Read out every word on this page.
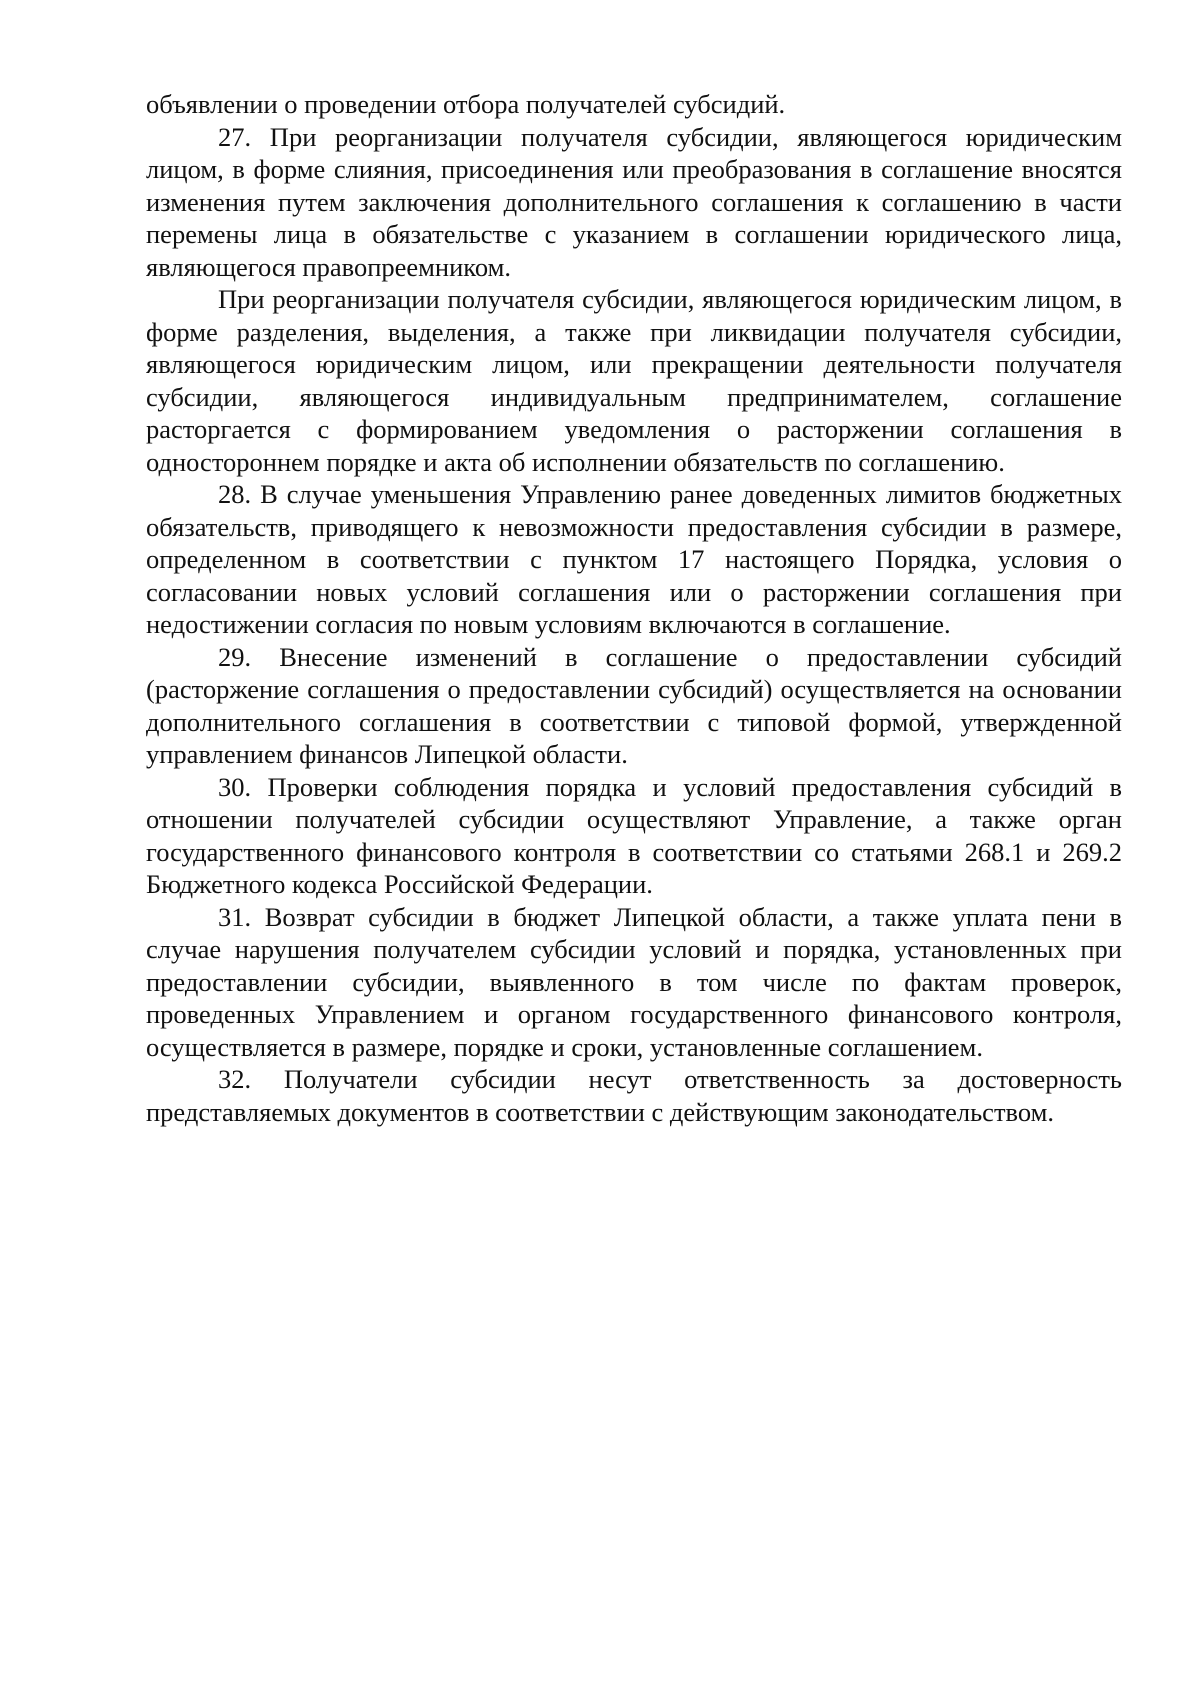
объявлении о проведении отбора получателей субсидий.

27. При реорганизации получателя субсидии, являющегося юридическим лицом, в форме слияния, присоединения или преобразования в соглашение вносятся изменения путем заключения дополнительного соглашения к соглашению в части перемены лица в обязательстве с указанием в соглашении юридического лица, являющегося правопреемником.

При реорганизации получателя субсидии, являющегося юридическим лицом, в форме разделения, выделения, а также при ликвидации получателя субсидии, являющегося юридическим лицом, или прекращении деятельности получателя субсидии, являющегося индивидуальным предпринимателем, соглашение расторгается с формированием уведомления о расторжении соглашения в одностороннем порядке и акта об исполнении обязательств по соглашению.

28. В случае уменьшения Управлению ранее доведенных лимитов бюджетных обязательств, приводящего к невозможности предоставления субсидии в размере, определенном в соответствии с пунктом 17 настоящего Порядка, условия о согласовании новых условий соглашения или о расторжении соглашения при недостижении согласия по новым условиям включаются в соглашение.

29. Внесение изменений в соглашение о предоставлении субсидий (расторжение соглашения о предоставлении субсидий) осуществляется на основании дополнительного соглашения в соответствии с типовой формой, утвержденной управлением финансов Липецкой области.

30. Проверки соблюдения порядка и условий предоставления субсидий в отношении получателей субсидии осуществляют Управление, а также орган государственного финансового контроля в соответствии со статьями 268.1 и 269.2 Бюджетного кодекса Российской Федерации.

31. Возврат субсидии в бюджет Липецкой области, а также уплата пени в случае нарушения получателем субсидии условий и порядка, установленных при предоставлении субсидии, выявленного в том числе по фактам проверок, проведенных Управлением и органом государственного финансового контроля, осуществляется в размере, порядке и сроки, установленные соглашением.

32. Получатели субсидии несут ответственность за достоверность представляемых документов в соответствии с действующим законодательством.
